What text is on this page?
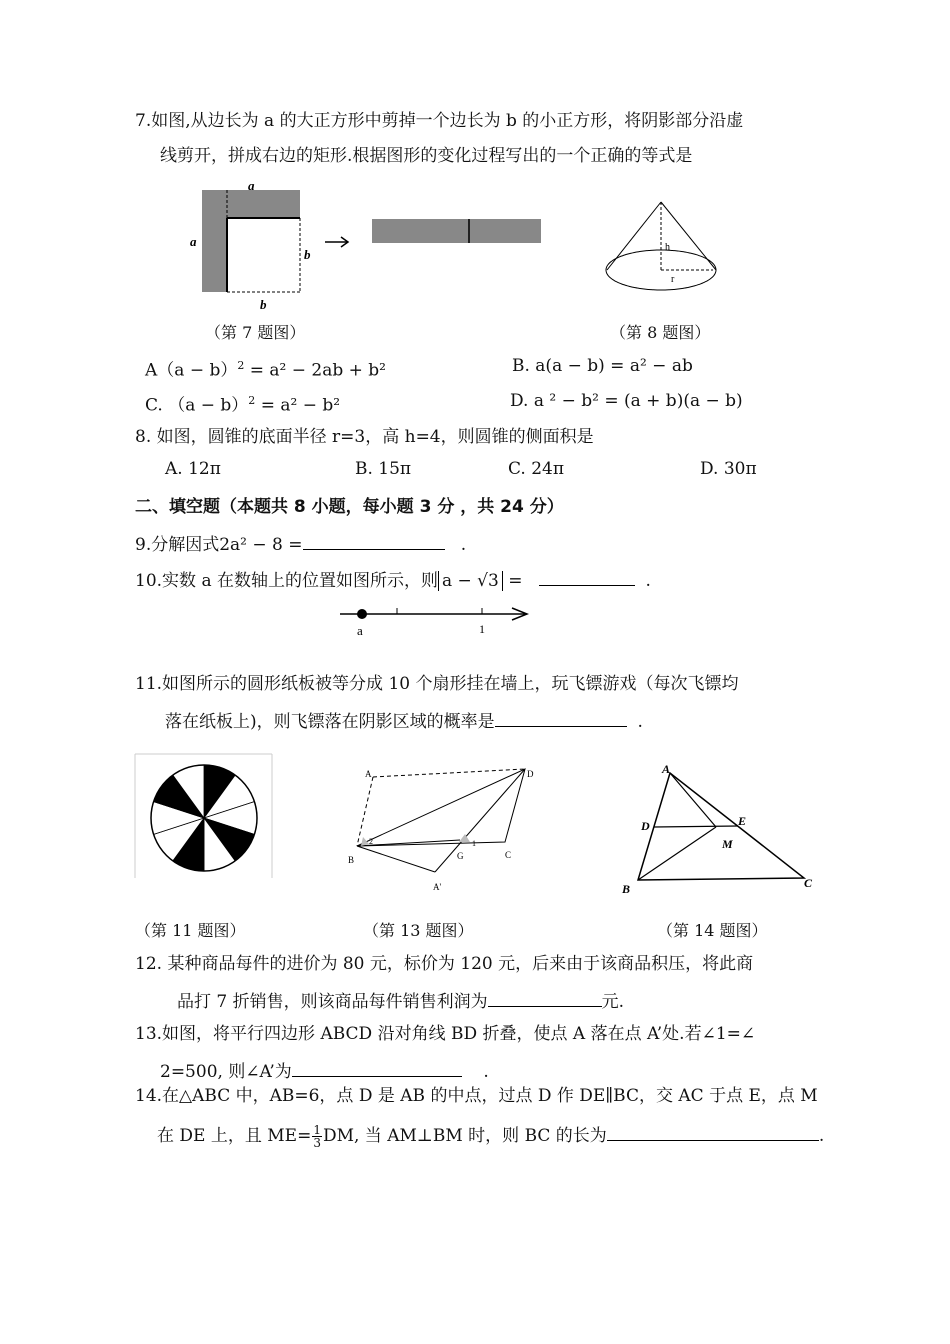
7.如图,从边长为 a 的大正方形中剪掉一个边长为 b 的小正方形，将阴影部分沿虚
线剪开，拼成右边的矩形.根据图形的变化过程写出的一个正确的等式是
a
a
b
b
h
r
（第 7 题图）	（第 8 题图）
$A(a - b)^2 = a^2 - 2ab + b^2$	B. a(a − b) = a² − ab
C. $(a - b)^2 = a^2 - b^2$	D. a ² − b² = (a + b)(a − b)
8. 如图，圆锥的底面半径 r=3，高 h=4，则圆锥的侧面积是
A. 12π	B. 15π	C. 24π	D. 30π
二、填空题（本题共 8 小题，每小题 3 分 ，共 24 分）
9.分解因式2a² − 8 =	.
10.实数 a 在数轴上的位置如图所示，则 a − √3 =	.
a	1
11.如图所示的圆形纸板被等分成 10 个扇形挂在墙上，玩飞镖游戏（每次飞镖均
落在纸板上)，则飞镖落在阴影区域的概率是	.
A	D
B	G	C
A'
1
2
A
D	E
M
B	C
（第 11 题图）	（第 13 题图）	（第 14 题图）
12. 某种商品每件的进价为 80 元，标价为 120 元，后来由于该商品积压，将此商
品打 7 折销售，则该商品每件销售利润为	元.
13.如图，将平行四边形 ABCD 沿对角线 BD 折叠，使点 A 落在点 A’处.若∠1=∠
2=500, 则∠A’为	.
14.在△ABC 中，AB=6，点 D 是 AB 的中点，过点 D 作 DE∥BC，交 AC 于点 E，点 M
在 DE 上，且 $ME= \frac{1}{3}$ DM, 当 AM⊥BM 时，则 BC 的长为	.
